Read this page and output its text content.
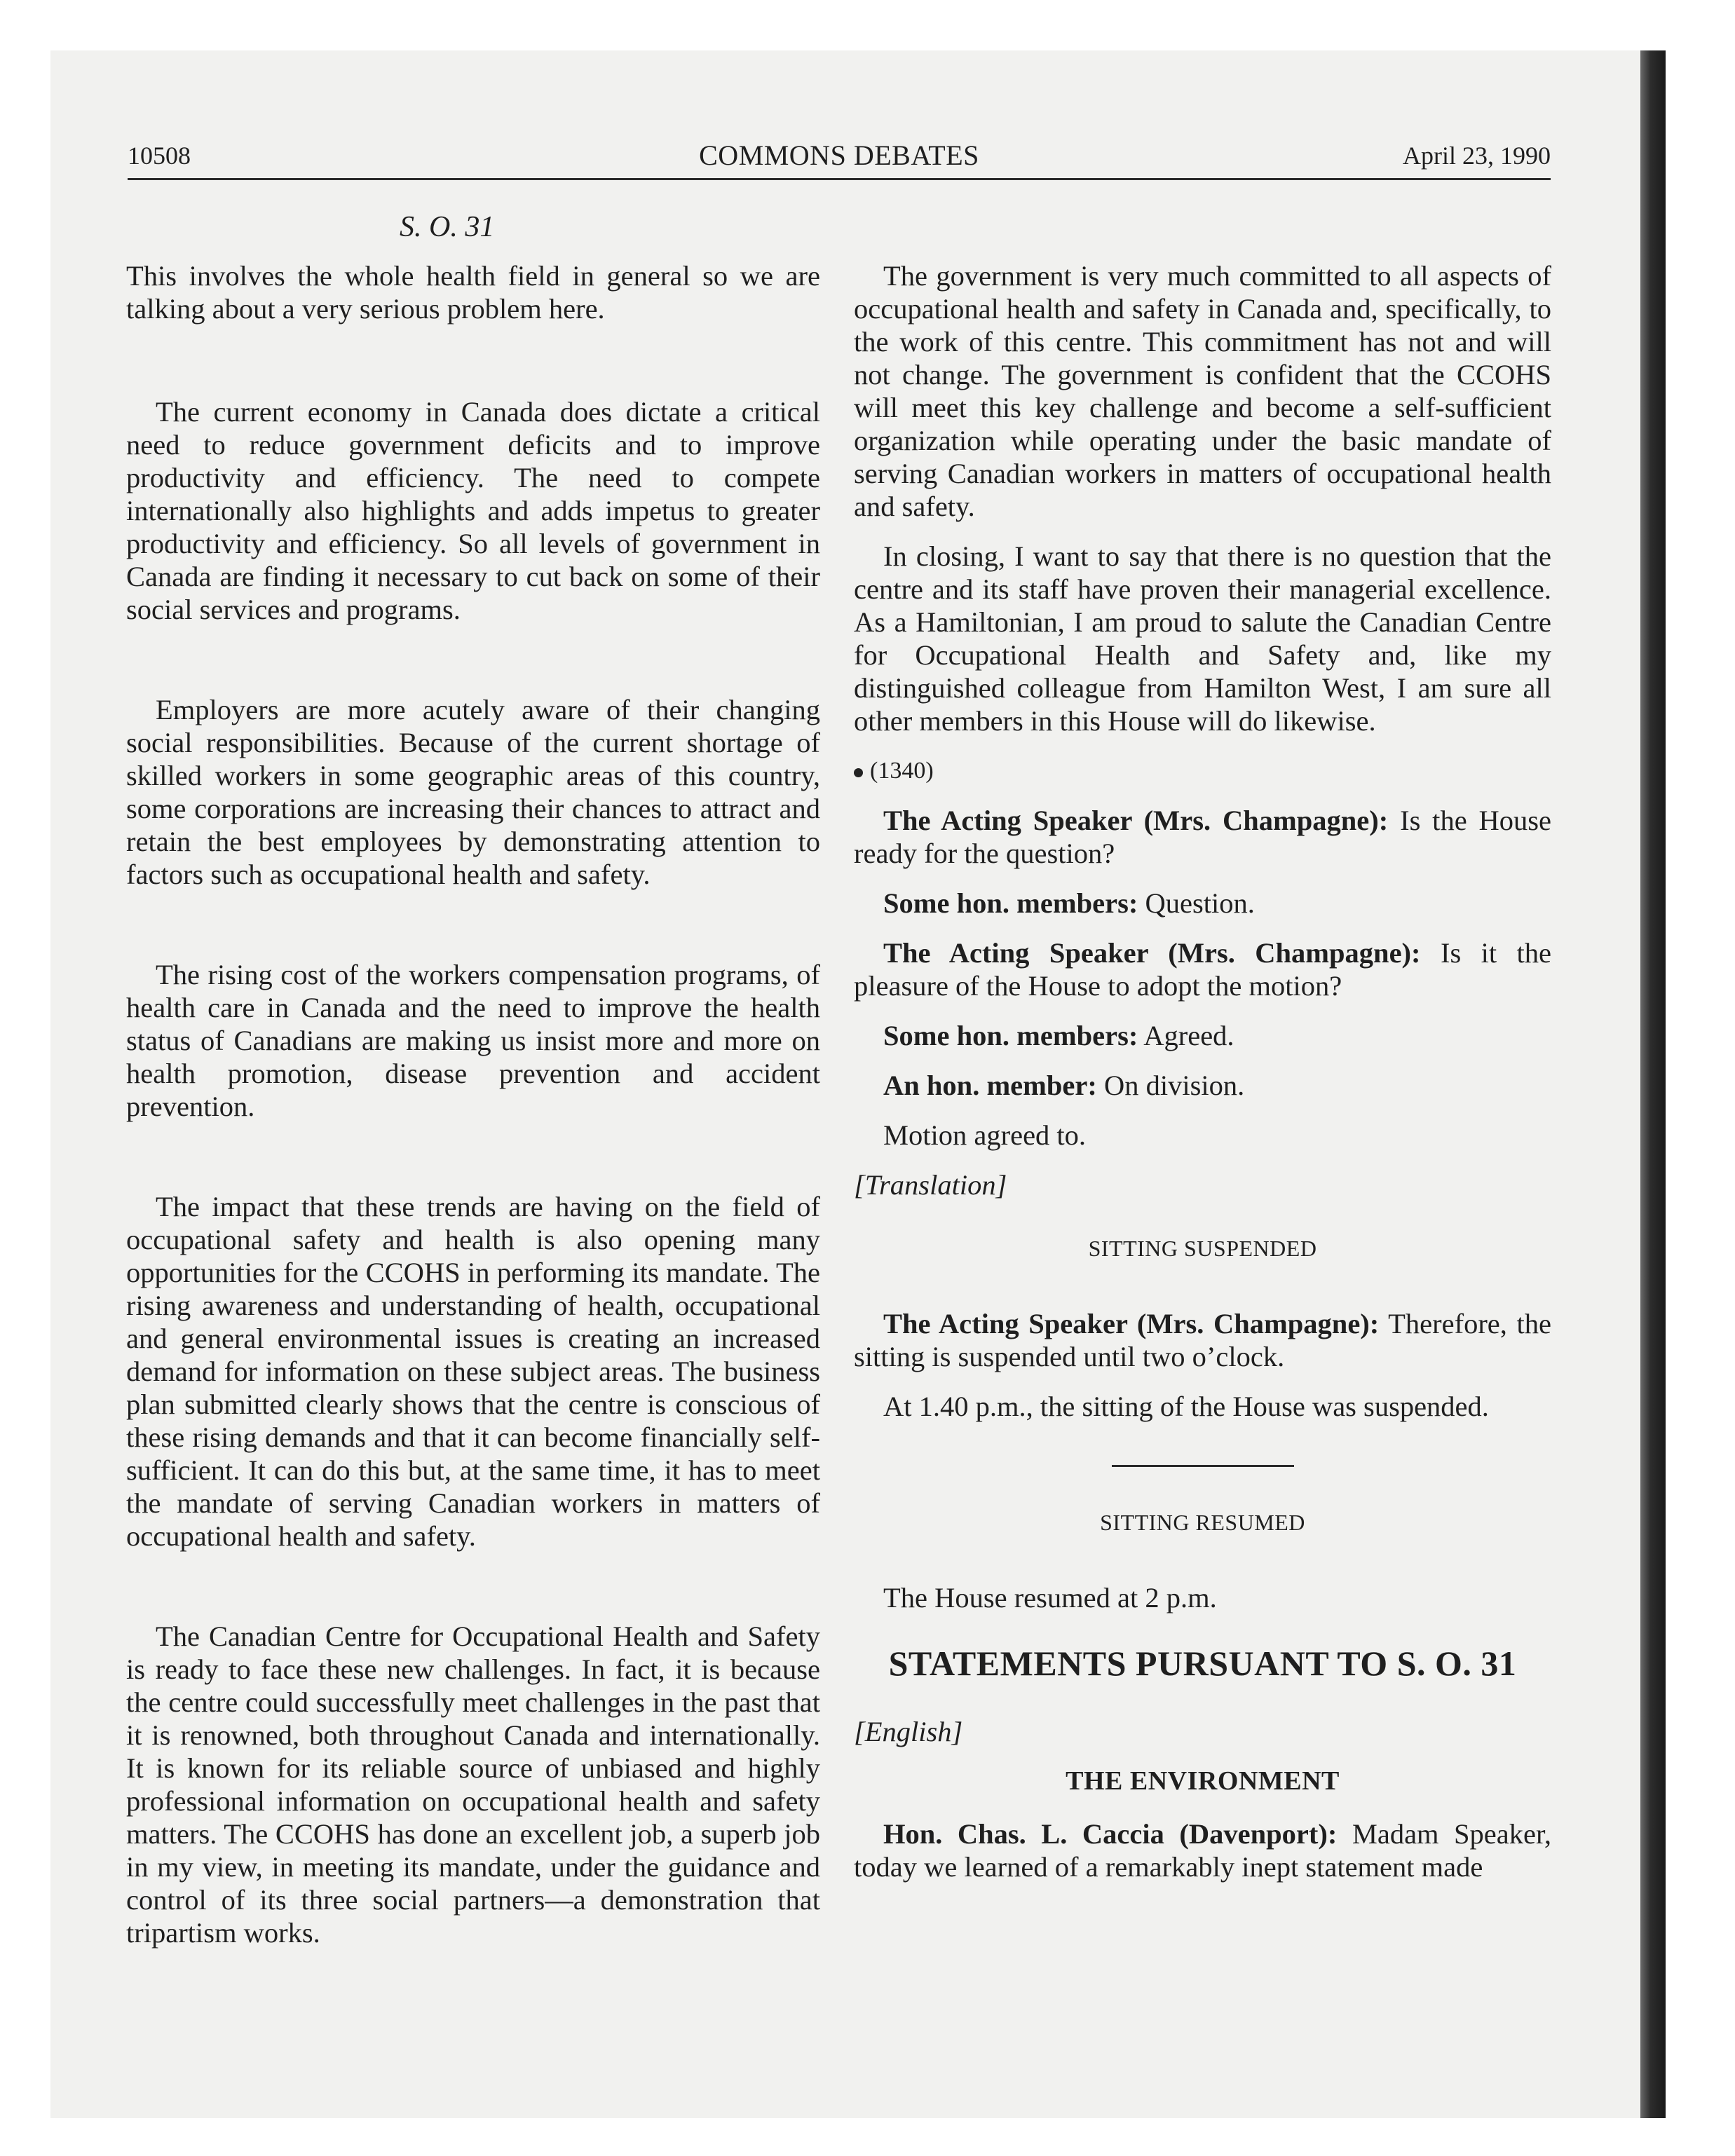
10508	COMMONS DEBATES	April 23, 1990
S. O. 31

This involves the whole health field in general so we are talking about a very serious problem here.

The current economy in Canada does dictate a critical need to reduce government deficits and to improve productivity and efficiency. The need to compete internationally also highlights and adds impetus to greater productivity and efficiency. So all levels of government in Canada are finding it necessary to cut back on some of their social services and programs.

Employers are more acutely aware of their changing social responsibilities. Because of the current shortage of skilled workers in some geographic areas of this country, some corporations are increasing their chances to attract and retain the best employees by demonstrating attention to factors such as occupational health and safety.

The rising cost of the workers compensation programs, of health care in Canada and the need to improve the health status of Canadians are making us insist more and more on health promotion, disease prevention and accident prevention.

The impact that these trends are having on the field of occupational safety and health is also opening many opportunities for the CCOHS in performing its mandate. The rising awareness and understanding of health, occupational and general environmental issues is creating an increased demand for information on these subject areas. The business plan submitted clearly shows that the centre is conscious of these rising demands and that it can become financially self-sufficient. It can do this but, at the same time, it has to meet the mandate of serving Canadian workers in matters of occupational health and safety.

The Canadian Centre for Occupational Health and Safety is ready to face these new challenges. In fact, it is because the centre could successfully meet challenges in the past that it is renowned, both throughout Canada and internationally. It is known for its reliable source of unbiased and highly professional information on occupational health and safety matters. The CCOHS has done an excellent job, a superb job in my view, in meeting its mandate, under the guidance and control of its three social partners—a demonstration that tripartism works.

The government is very much committed to all aspects of occupational health and safety in Canada and, specifically, to the work of this centre. This commitment has not and will not change. The government is confident that the CCOHS will meet this key challenge and become a self-sufficient organization while operating under the basic mandate of serving Canadian workers in matters of occupational health and safety.

In closing, I want to say that there is no question that the centre and its staff have proven their managerial excellence. As a Hamiltonian, I am proud to salute the Canadian Centre for Occupational Health and Safety and, like my distinguished colleague from Hamilton West, I am sure all other members in this House will do likewise.

(1340)

The Acting Speaker (Mrs. Champagne): Is the House ready for the question?

Some hon. members: Question.

The Acting Speaker (Mrs. Champagne): Is it the pleasure of the House to adopt the motion?

Some hon. members: Agreed.

An hon. member: On division.

Motion agreed to.

[Translation]

SITTING SUSPENDED

The Acting Speaker (Mrs. Champagne): Therefore, the sitting is suspended until two o’clock.

At 1.40 p.m., the sitting of the House was suspended.

SITTING RESUMED

The House resumed at 2 p.m.

STATEMENTS PURSUANT TO S. O. 31

[English]

THE ENVIRONMENT

Hon. Chas. L. Caccia (Davenport): Madam Speaker, today we learned of a remarkably inept statement made
